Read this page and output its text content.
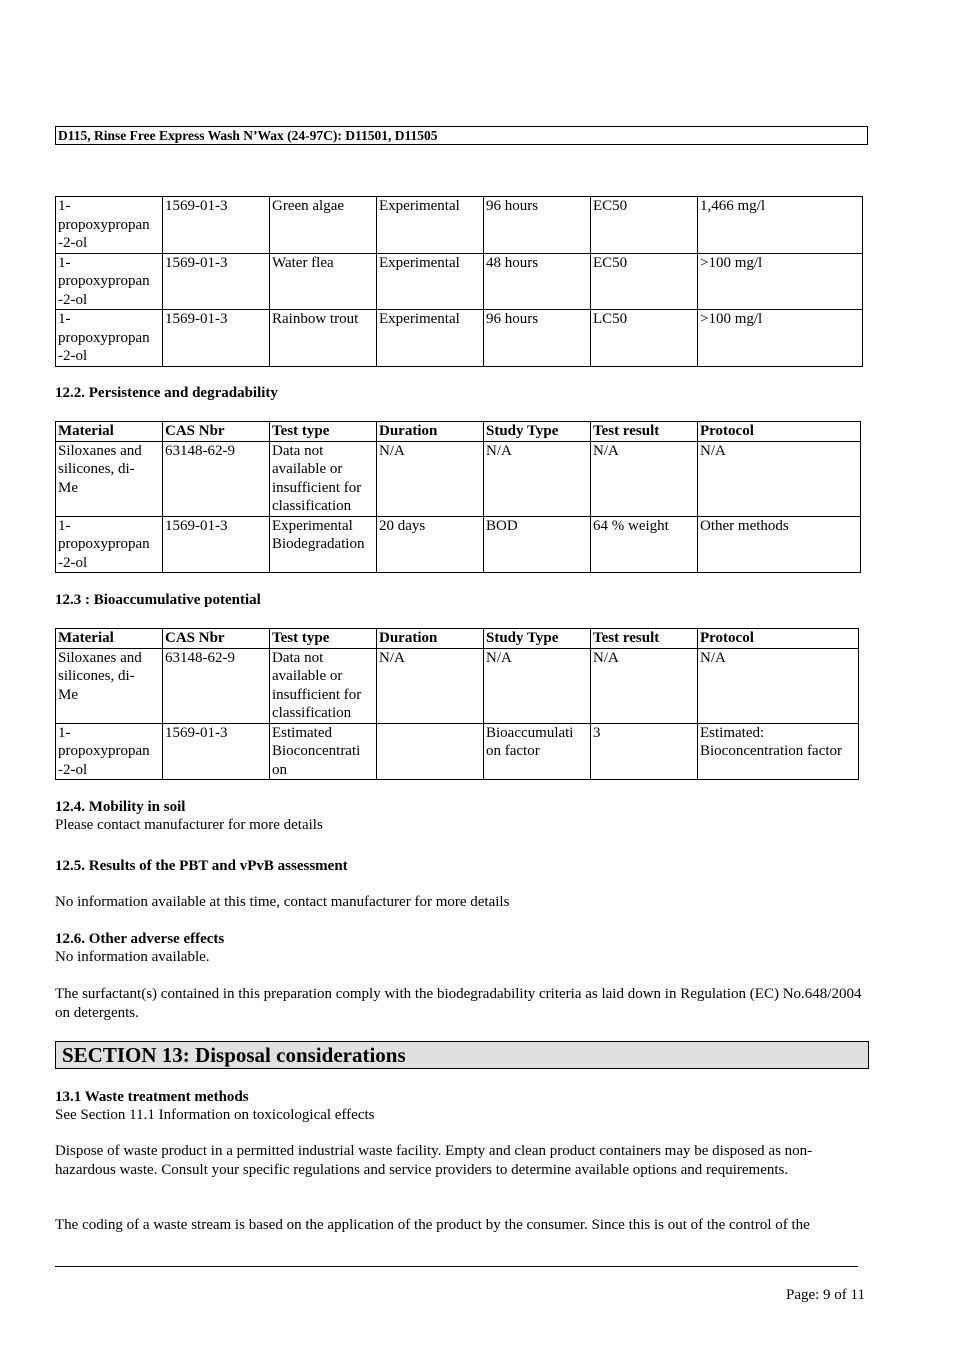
D115, Rinse Free Express Wash N’Wax (24-97C): D11501, D11505
1-
propoxypropan
-2-ol	1569-01-3	Green algae	Experimental	96 hours	EC50	1,466 mg/l
1-
propoxypropan
-2-ol	1569-01-3	Water flea	Experimental	48 hours	EC50	>100 mg/l
1-
propoxypropan
-2-ol	1569-01-3	Rainbow trout	Experimental	96 hours	LC50	>100 mg/l
12.2. Persistence and degradability
Material	CAS Nbr	Test type	Duration	Study Type	Test result	Protocol
Siloxanes and
silicones, di-
Me	63148-62-9	Data not
available or
insufficient for
classification	N/A	N/A	N/A	N/A
1-
propoxypropan
-2-ol	1569-01-3	Experimental
Biodegradation	20 days	BOD	64 % weight	Other methods
12.3 : Bioaccumulative potential
Material	CAS Nbr	Test type	Duration	Study Type	Test result	Protocol
Siloxanes and
silicones, di-
Me	63148-62-9	Data not
available or
insufficient for
classification	N/A	N/A	N/A	N/A
1-
propoxypropan
-2-ol	1569-01-3	Estimated
Bioconcentrati
on		Bioaccumulati
on factor	3	Estimated:
Bioconcentration factor
12.4. Mobility in soil
Please contact manufacturer for more details
12.5. Results of the PBT and vPvB assessment
No information available at this time, contact manufacturer for more details
12.6. Other adverse effects
No information available.
The surfactant(s) contained in this preparation comply with the biodegradability criteria as laid down in Regulation (EC) No.648/2004 on detergents.
SECTION 13: Disposal considerations
13.1 Waste treatment methods
See Section 11.1 Information on toxicological effects
Dispose of waste product in a permitted industrial waste facility. Empty and clean product containers may be disposed as non-hazardous waste. Consult your specific regulations and service providers to determine available options and requirements.
The coding of a waste stream is based on the application of the product by the consumer. Since this is out of the control of the
Page: 9 of 11
